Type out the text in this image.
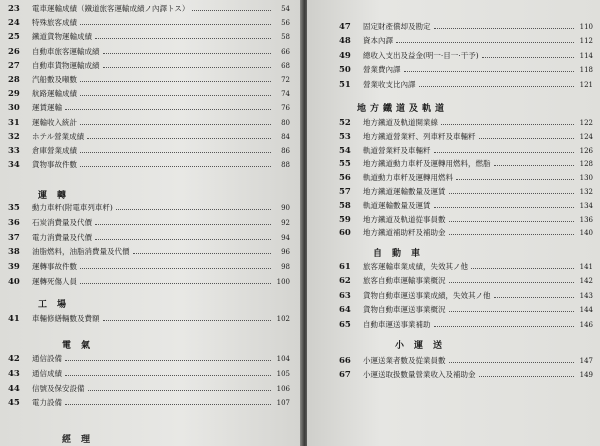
23	電車運輸成績（鐵道旅客運輸成績ノ內譯トス）	54
24	特殊旅客成績	56
25	鐵道貨物運輸成績	58
26	自動車旅客運輸成績	66
27	自動車貨物運輸成績	68
28	汽船數及噸數	72
29	航路運輸成績	74
30	運賃運輸	76
31	運輸收入統計	80
32	ホテル營業成績	84
33	倉庫營業成績	86
34	貨物事故件數	88
運轉
35	動力車粁(附電車列車粁)	90
36	石炭消費量及代價	92
37	電力消費量及代價	94
38	油脂燃料，油脂消費量及代價	96
39	運轉事故件數	98
40	運轉死傷人員	100
工場
41	車輛修繕輛數及費額	102
電氣
42	通信設備	104
43	通信成績	105
44	信號及保安設備	106
45	電力設備	107
經理
47	固定財產償却及勘定	110
48	資本內譯	112
49	總收入支出及益金(明一·目一·干予)	114
50	營業費內譯	118
51	營業收支比內譯	121
地方鐵道及軌道
52	地方鐵道及軌道開業線	122
53	地方鐵道營業粁、列車粁及車輛粁	124
54	軌道營業粁及車輛粁	126
55	地方鐵道動力車粁及運轉用燃料，燃脂	128
56	軌道動力車粁及運轉用燃料	130
57	地方鐵道運輸數量及運賃	132
58	軌道運輸數量及運賃	134
59	地方鐵道及軌道從事員數	136
60	地方鐵道補助粁及補助金	140
自動車
61	旅客運輸車業成績，失效其ノ他	141
62	旅客自動車運輸事業概況	142
63	貨物自動車運送事業成績，失效其ノ他	143
64	貨物自動車運送事業概況	144
65	自動車運送事業補助	146
小運送
66	小運送業者數及從業員數	147
67	小運送取扱數量營業收入及補助金	149
